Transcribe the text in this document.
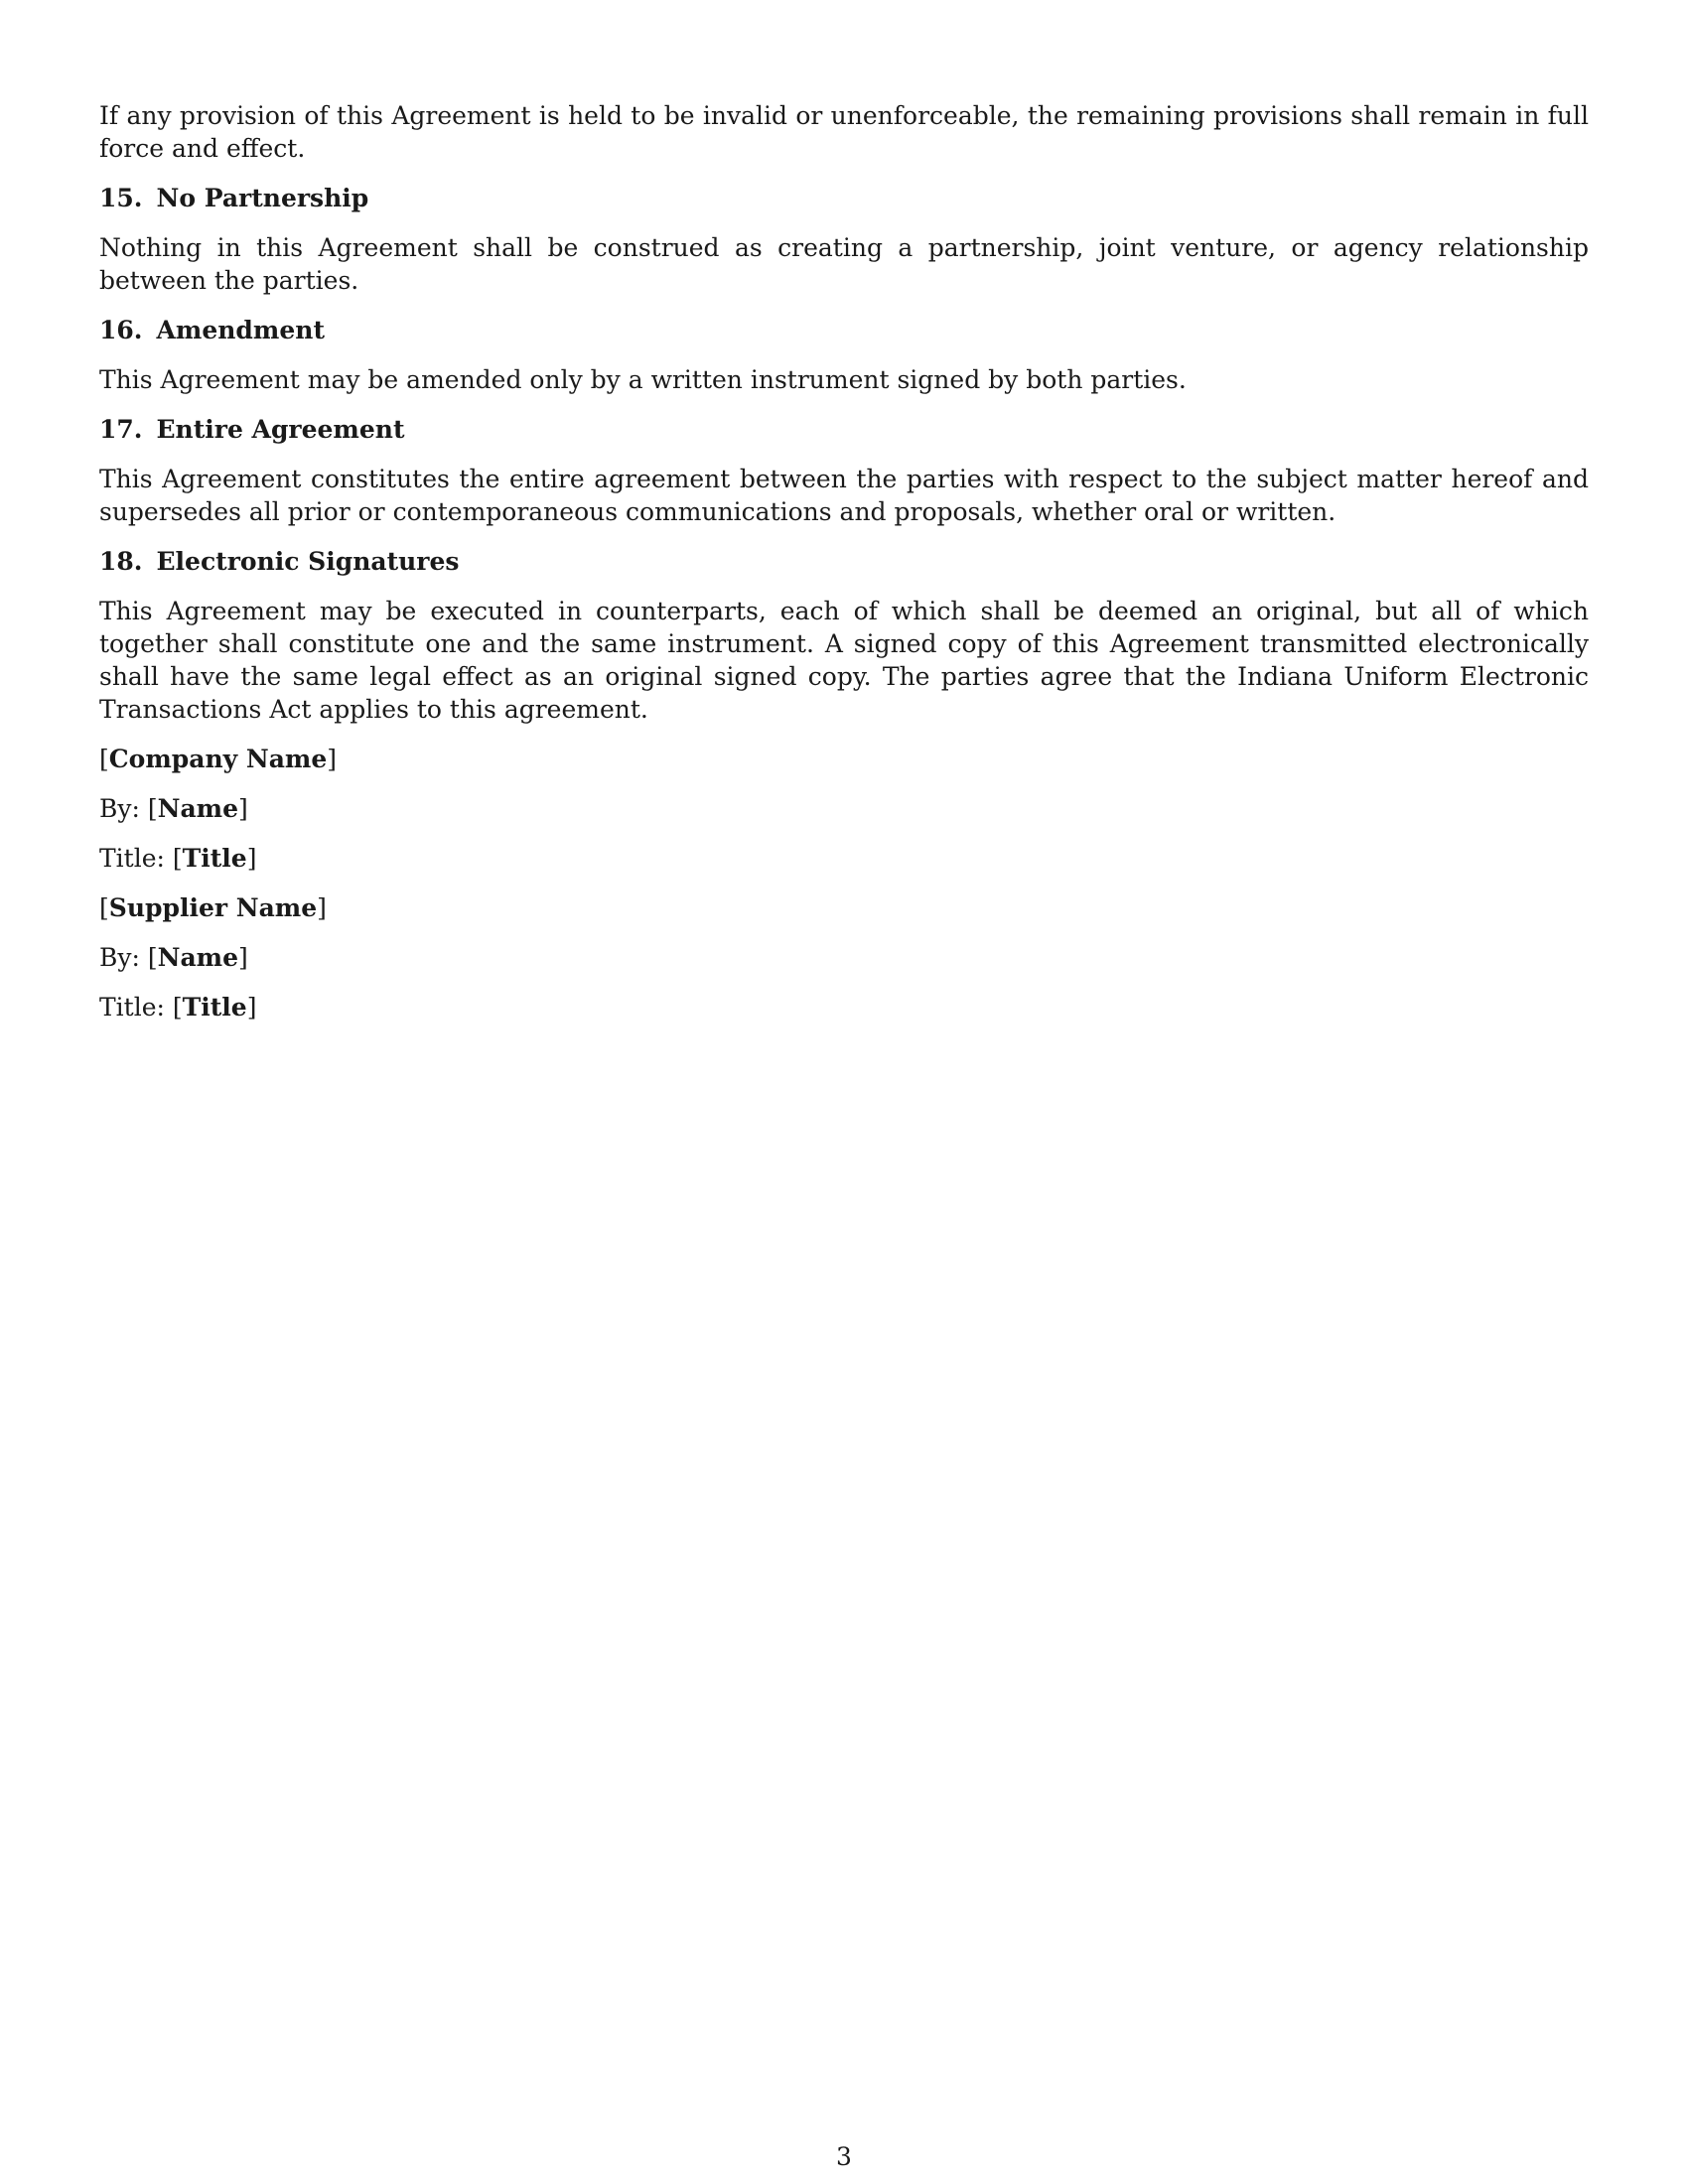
If any provision of this Agreement is held to be invalid or unenforceable, the remaining provisions shall remain in full force and effect.

15. No Partnership

Nothing in this Agreement shall be construed as creating a partnership, joint venture, or agency relationship between the parties.

16. Amendment

This Agreement may be amended only by a written instrument signed by both parties.

17. Entire Agreement

This Agreement constitutes the entire agreement between the parties with respect to the subject matter hereof and supersedes all prior or contemporaneous communications and proposals, whether oral or written.

18. Electronic Signatures

This Agreement may be executed in counterparts, each of which shall be deemed an original, but all of which together shall constitute one and the same instrument. A signed copy of this Agreement transmitted electronically shall have the same legal effect as an original signed copy. The parties agree that the Indiana Uniform Electronic Transactions Act applies to this agreement.

[Company Name]
By: [Name]
Title: [Title]
[Supplier Name]
By: [Name]
Title: [Title]
3
